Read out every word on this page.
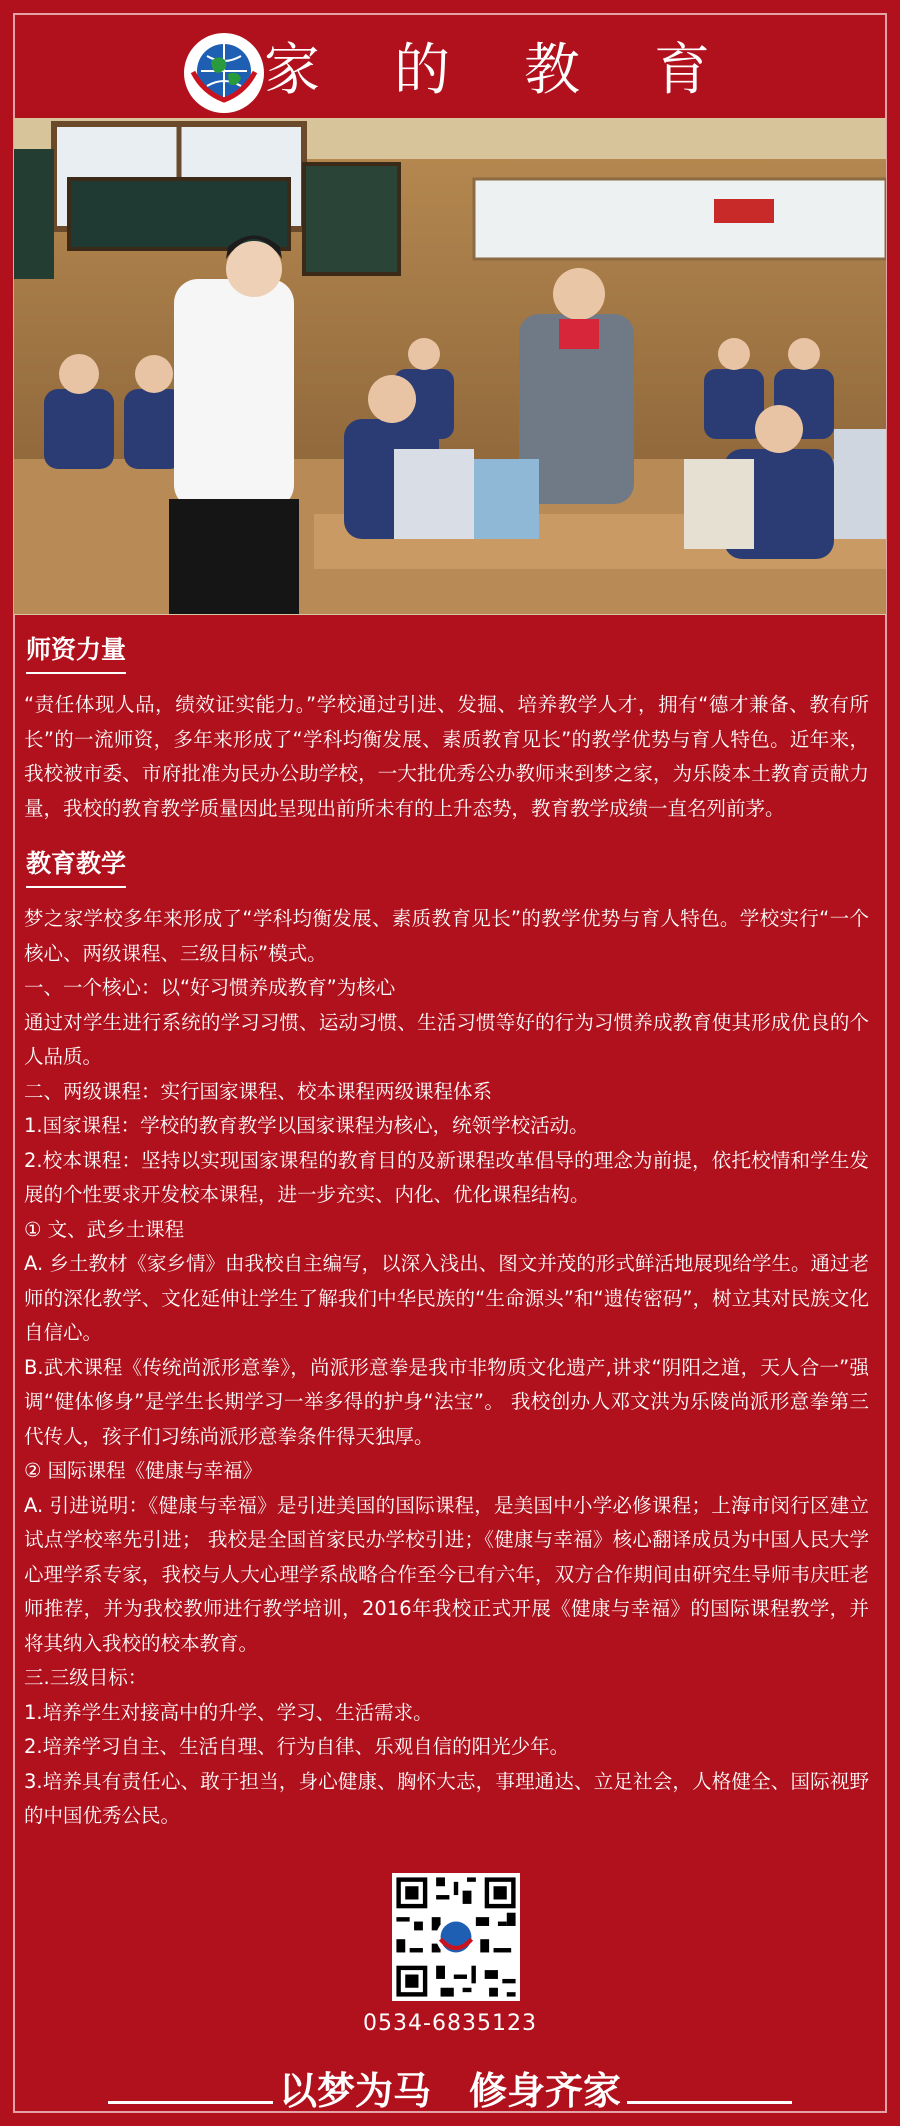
家的教育
师资力量

“责任体现人品，绩效证实能力。”学校通过引进、发掘、培养教学人才，拥有“德才兼备、教有所长”的一流师资，多年来形成了“学科均衡发展、素质教育见长”的教学优势与育人特色。近年来，我校被市委、市府批准为民办公助学校，一大批优秀公办教师来到梦之家，为乐陵本土教育贡献力量，我校的教育教学质量因此呈现出前所未有的上升态势，教育教学成绩一直名列前茅。

教育教学

梦之家学校多年来形成了“学科均衡发展、素质教育见长”的教学优势与育人特色。学校实行“一个核心、两级课程、三级目标”模式。

一、一个核心：以“好习惯养成教育”为核心

通过对学生进行系统的学习习惯、运动习惯、生活习惯等好的行为习惯养成教育使其形成优良的个人品质。

二、两级课程：实行国家课程、校本课程两级课程体系

1.国家课程：学校的教育教学以国家课程为核心，统领学校活动。

2.校本课程：坚持以实现国家课程的教育目的及新课程改革倡导的理念为前提，依托校情和学生发展的个性要求开发校本课程，进一步充实、内化、优化课程结构。

① 文、武乡土课程

A. 乡土教材《家乡情》由我校自主编写，以深入浅出、图文并茂的形式鲜活地展现给学生。通过老师的深化教学、文化延伸让学生了解我们中华民族的“生命源头”和“遗传密码”，树立其对民族文化自信心。

B.武术课程《传统尚派形意拳》，尚派形意拳是我市非物质文化遗产,讲求“阴阳之道，天人合一”强调“健体修身”是学生长期学习一举多得的护身“法宝”。 我校创办人邓文洪为乐陵尚派形意拳第三代传人，孩子们习练尚派形意拳条件得天独厚。

② 国际课程《健康与幸福》

A. 引进说明：《健康与幸福》是引进美国的国际课程，是美国中小学必修课程；上海市闵行区建立试点学校率先引进； 我校是全国首家民办学校引进；《健康与幸福》核心翻译成员为中国人民大学心理学系专家，我校与人大心理学系战略合作至今已有六年，双方合作期间由研究生导师韦庆旺老师推荐，并为我校教师进行教学培训，2016年我校正式开展《健康与幸福》的国际课程教学，并将其纳入我校的校本教育。

三.三级目标：

1.培养学生对接高中的升学、学习、生活需求。

2.培养学习自主、生活自理、行为自律、乐观自信的阳光少年。

3.培养具有责任心、敢于担当，身心健康、胸怀大志，事理通达、立足社会，人格健全、国际视野的中国优秀公民。

0534-6835123
以梦为马　修身齐家
